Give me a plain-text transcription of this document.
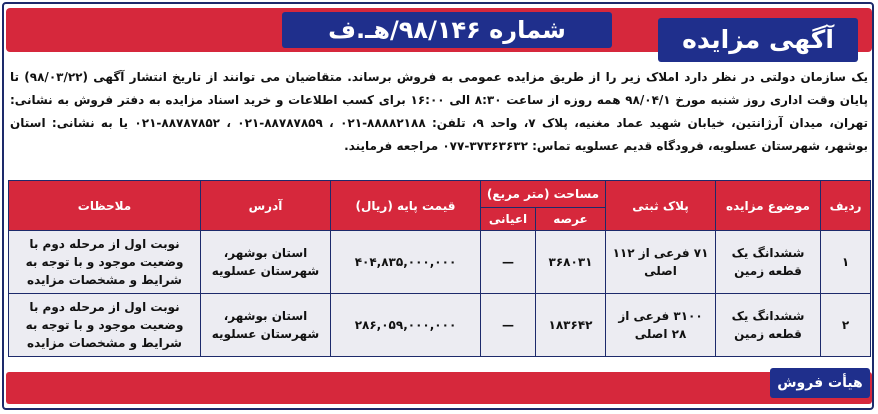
شماره ۹۸/۱۴۶/هـ.ف	آگهی مزایده
یک سازمان دولتی در نظر دارد املاک زیر را از طریق مزایده عمومی به فروش برساند. متقاضیان می توانند از تاریخ انتشار آگهی (۹۸/۰۳/۲۲) تا پایان وقت اداری روز شنبه مورخ ۹۸/۰۴/۱ همه روزه از ساعت ۸:۳۰ الی ۱۶:۰۰ برای کسب اطلاعات و خرید اسناد مزایده به دفتر فروش به نشانی: تهران، میدان آرژانتین، خیابان شهید عماد مغنیه، پلاک ۷، واحد ۹، تلفن: ۸۸۸۸۲۱۸۸-۰۲۱ ، ۸۸۷۸۷۸۵۹-۰۲۱ ، ۸۸۷۸۷۸۵۲-۰۲۱ یا به نشانی: استان بوشهر، شهرستان عسلویه، فرودگاه قدیم عسلویه تماس: ۳۷۳۶۳۶۳۲-۰۷۷ مراجعه فرمایند.
ردیف	موضوع مزایده	پلاک ثبتی	مساحت (متر مربع)		قیمت پایه (ریال)	آدرس	ملاحظات
			عرصه	اعیانی			
۱	ششدانگ یک قطعه زمین	۷۱ فرعی از ۱۱۲ اصلی	۳۶۸۰۳۱	—	۴۰۴,۸۳۵,۰۰۰,۰۰۰	استان بوشهر، شهرستان عسلویه	نوبت اول از مرحله دوم با وضعیت موجود و با توجه به شرایط و مشخصات مزایده
۲	ششدانگ یک قطعه زمین	۳۱۰۰ فرعی از ۲۸ اصلی	۱۸۳۶۴۲	—	۲۸۶,۰۵۹,۰۰۰,۰۰۰	استان بوشهر، شهرستان عسلویه	نوبت اول از مرحله دوم با وضعیت موجود و با توجه به شرایط و مشخصات مزایده
هیأت فروش
